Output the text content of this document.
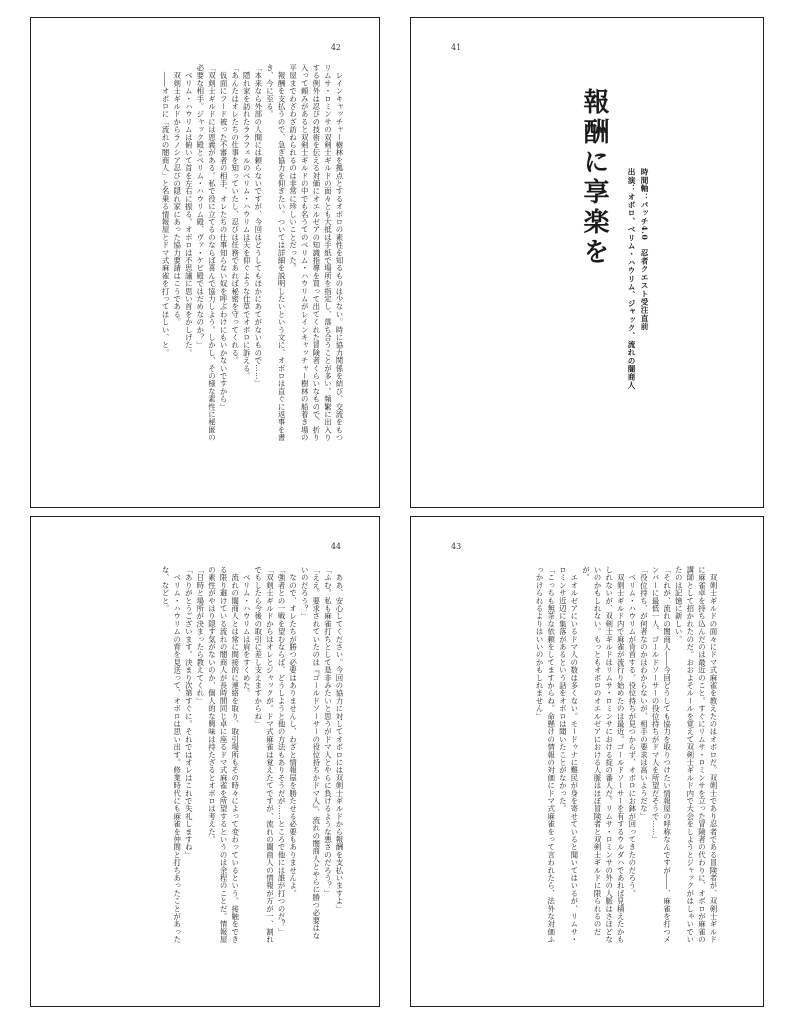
42
　レインキャッチャー樹林を拠点とするオボロの素性を知るものは少ない。時に協力関係を結び、交流をもつリムサ・ロミンサの双剣士ギルドの面々とも大抵は手紙で場所を指定し、落ち合うことが多い。頻繁に出入りする例外は忍びの技術を伝える対価にオエルゼアの知識指導を買って出てくれた冒険者くらいなもので、折り入って頼みがあると双剣士ギルドの中でも名うてのベリム・ハウリムがレインキャッチャー樹林の船着き場の平屋までわざわざ訪ねられるのは非常に珍しいことだった。
　報酬を支払うので、急ぎ協力を仰ぎたい。ついては詳細を説明したいという文に、オボロは直ぐに返事を書き、今に至る。
「本来なら外部の人間には頼らないですが、今回はどうしてもほかにあてがないもので……」
　隠れ家を訪れたララフェルのベリム・ハウリムは天を仰ぐような仕草でオボロに訴える。
「あんたはオレたちの仕事を知っていたし、忍びは任務であれば秘密を守ってくれる。
　仮面にフード被った不審者の相手、オレたちの仕事知らない奴を呼ぶわけにもいかないですから」
「双剣士ギルドには恩義がある。私で役に立てるのならば喜んで協力しよう。しかし、その様な素性に秘匿の必要な相手。ジャック殿とベリム・ハウリム殿、ヴァ・ケビ殿ではだめなのか？」
　ベリム・ハウリムは俯いて首を左右に振る。オボロは不思議に思い首をかしげた。
　双剣士ギルドからラノシア忍びの隠れ家にあった協力要請はこうである。
　――オボロに「流れの闇商人」と名乗る情報屋とドマ式麻雀を打ってほしい、と。
41
報酬に享楽を	時間軸：パッチ4.0　忍者クエスト受注直前
出演：オボロ、ベリム・ハウリム、ジャック、流れの闇商人
44
　ああ、安心してください。今回の協力に対してオボロには双剣士ギルドから報酬を支払いますよ」
「ふむ。私も麻雀打ちとして是非みたいと思うがドマ人とやらに負けるような悪さのだろう？」
「ええ。要求されていたのは『ゴールドソーサーの役位持ちかドマ人』、流れの闇商人とやらに勝つ必要はないのだろう？」
　なので、オレたちが勝つ必要はありませんし、わざと情報屋を勝たせる必要もありませんよ。
「強者との一戦を望むならば、どうしようと他の方法もありそうだが……ところで他には誰が打つのだ？」
「双剣士ギルドからはオレとジャックが。ドマ式麻雀は覚えたてですが、流れの闇商人の情報が万が一、割れでもしたら今後の取引に差し支えますからね」
　ベリム・ハウリムは肩をすくめた。
　流れの闇商人とは常に間接的に連絡を取り、取引場所もその時々によって変わっているという。接触をできる限り避けている流れの闇商人が長時間同じ卓に座るドマ式麻雀を所望するというのは余程のことだ。情報屋の素性がやはり隠す気がないのか、個人的な興味は持たざるとオボロは考えた。
「日時と場所が決まったら教えてくれ」
「ありがとうございます。決まり次第すぐに。それではオレはこれで失礼しますね」
　ベリム・ハウリムの背を見送って、オボロは思い出す。修業時代にも麻雀を仲間と打ちあったことがあったな、などと。
43
　双剣士ギルドの面々にドマ式麻雀を教えたのはオボロだ。双剣士であり忍者である冒険者が、双剣士ギルドに麻雀卓を持ち込んだのは最近のこと。すぐにリムサ・ロミンサを立った冒険者の代わりに、オボロが麻雀の講師として招かれたのだ。おおよそルールを覚えて双剣士ギルド内で大会をしようとジャックがはしゃいでいたのは記憶に新しい。
「それが、流れの闇商人――今回どうしても協力を取りつけたい情報屋の呼称なんですが――、麻雀を打つメンバーに最低一人、ゴールドソーサーの役位持ちがドマ人を所望だそうで……」
「役位持ち、が何者なのかはわからないが、相手の要求は高いようだな」
　ベリム・ハウリムが肯首する。役位持ちが見つからず、オボロにお鉢が回ってきたのだろう。
　双剣士ギルド内で麻雀が流行り始めたのは最近。ゴールドソーサーを有するウルダハであれば見積えたかもしれないが、双剣士ギルドはリムサ・ロミンサにおける掟の番人だ。リムサ・ロミンサの外の人脈はさほどないのかもしれない。もっともオボロのオエルゼアにおける人脈はほぼ冒険者と双剣士ギルドに限られるのだが。
　エオルゼアにいるドマ人の数は多くない。モードゥナに難民が身を寄せていると聞いてはいるが、リムサ・ロミンサ近辺に集落があるという話をオボロは聞いたことがなかった。
「こっちも無茶な依頼をしてますからね。命懸けの情報の対価にドマ式麻雀をって言われたら、法外な対価ふっかけられるよりはいいのかもしれません」
